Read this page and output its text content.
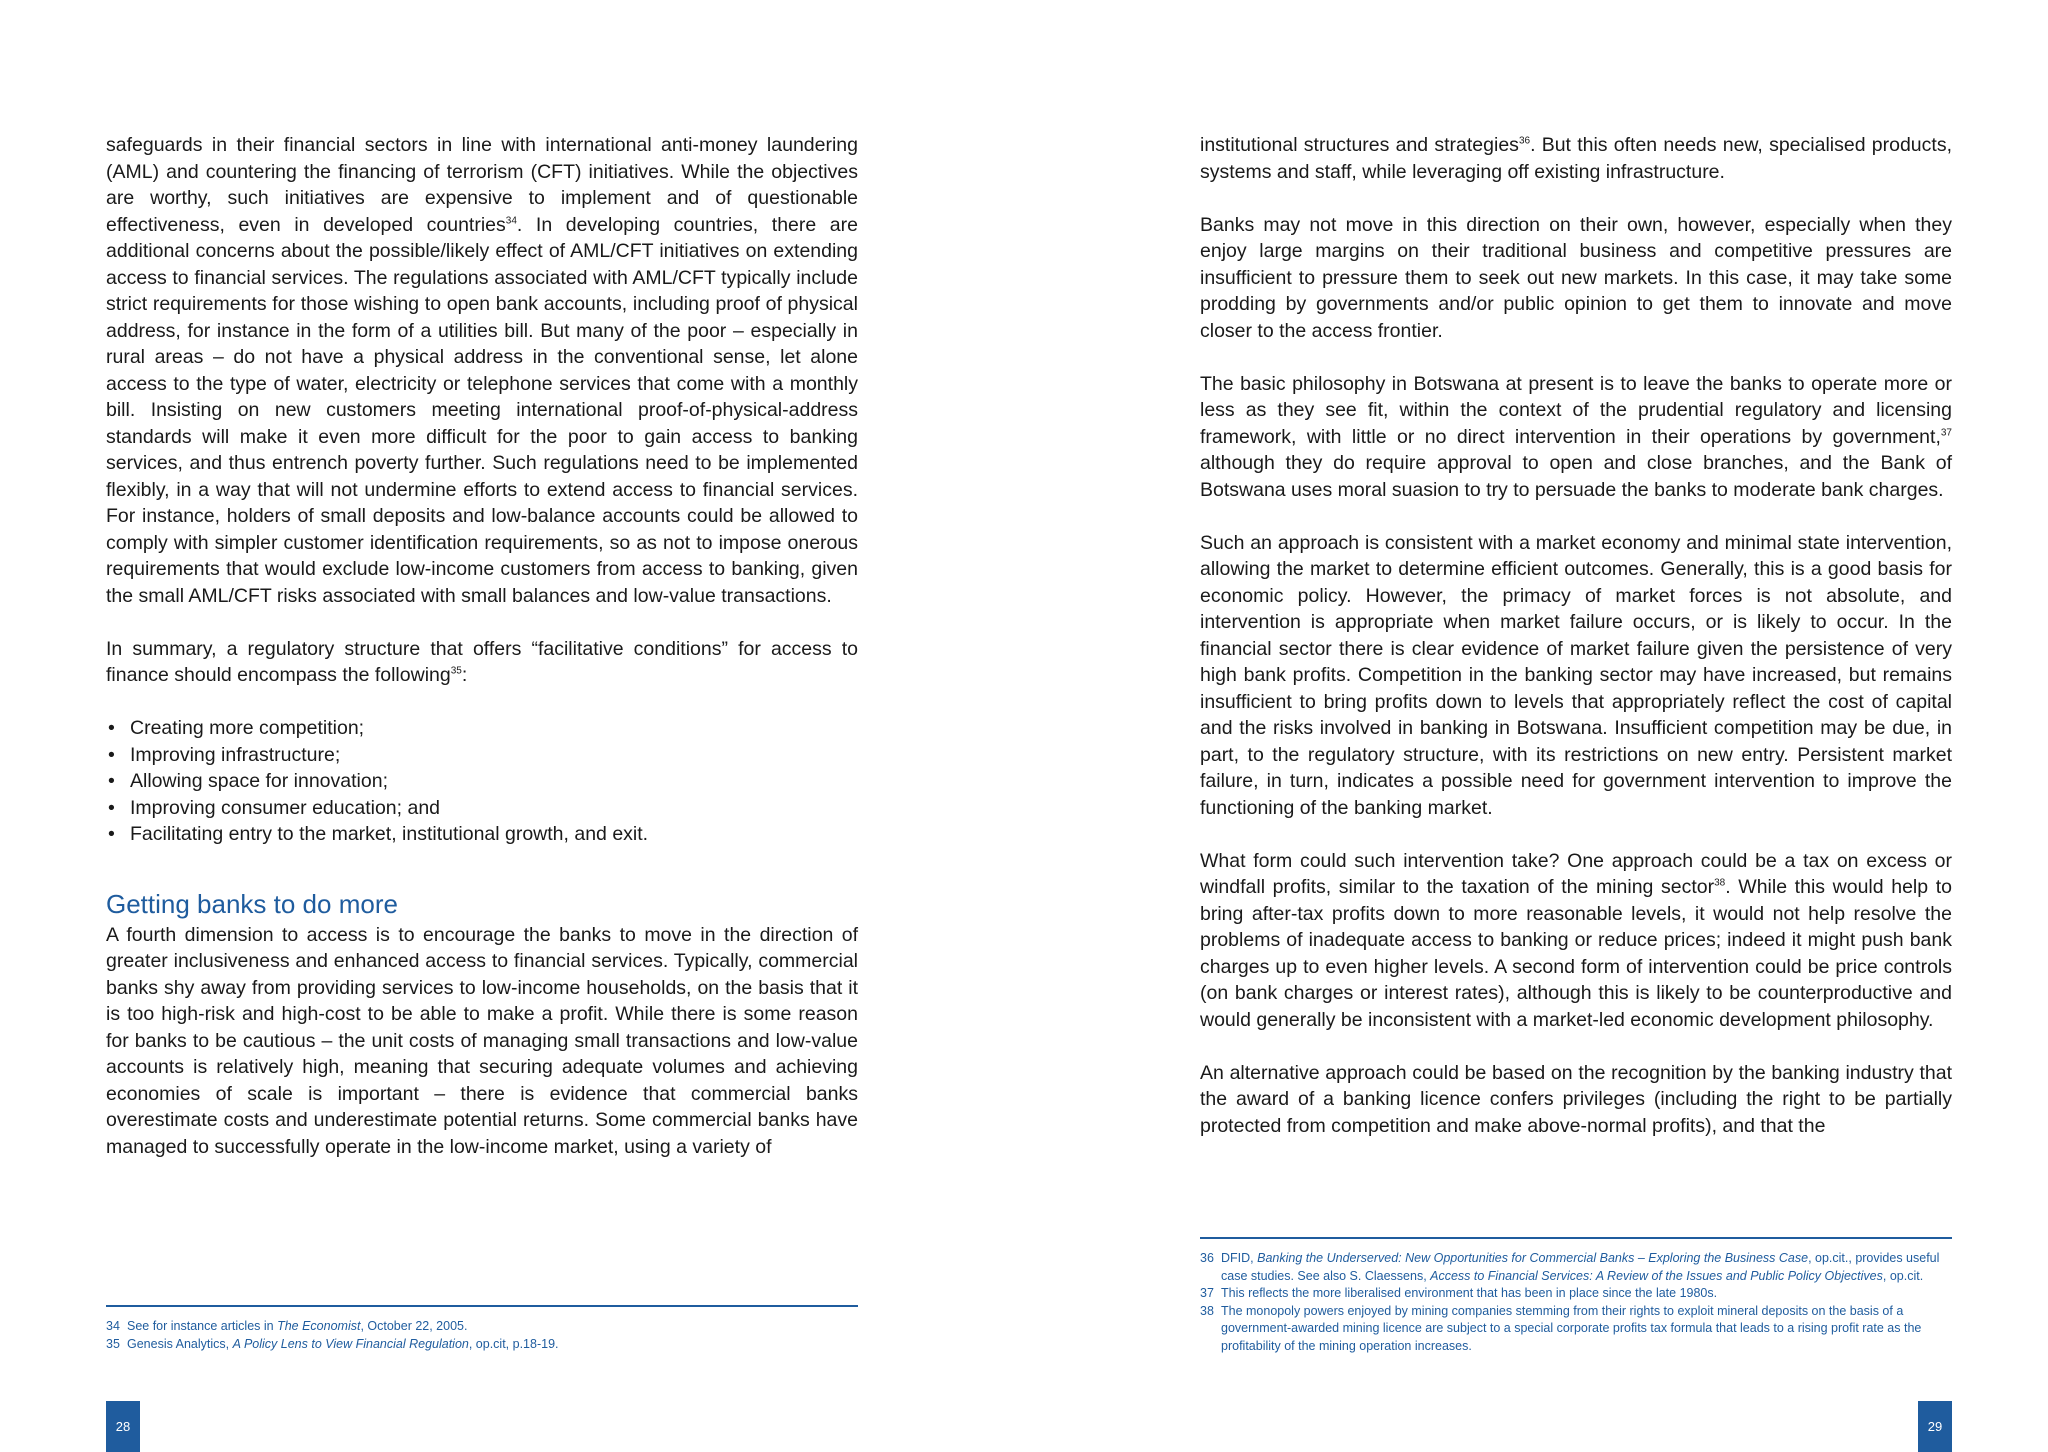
safeguards in their financial sectors in line with international anti-money laundering (AML) and countering the financing of terrorism (CFT) initiatives. While the objectives are worthy, such initiatives are expensive to implement and of questionable effectiveness, even in developed countries$^{34}$. In developing countries, there are additional concerns about the possible/likely effect of AML/CFT initiatives on extending access to financial services. The regulations associated with AML/CFT typically include strict requirements for those wishing to open bank accounts, including proof of physical address, for instance in the form of a utilities bill. But many of the poor – especially in rural areas – do not have a physical address in the conventional sense, let alone access to the type of water, electricity or telephone services that come with a monthly bill. Insisting on new customers meeting international proof-of-physical-address standards will make it even more difficult for the poor to gain access to banking services, and thus entrench poverty further. Such regulations need to be implemented flexibly, in a way that will not undermine efforts to extend access to financial services. For instance, holders of small deposits and low-balance accounts could be allowed to comply with simpler customer identification requirements, so as not to impose onerous requirements that would exclude low-income customers from access to banking, given the small AML/CFT risks associated with small balances and low-value transactions.

In summary, a regulatory structure that offers “facilitative conditions” for access to finance should encompass the following$^{35}$:

• Creating more competition;
• Improving infrastructure;
• Allowing space for innovation;
• Improving consumer education; and
• Facilitating entry to the market, institutional growth, and exit.
Getting banks to do more

A fourth dimension to access is to encourage the banks to move in the direction of greater inclusiveness and enhanced access to financial services. Typically, commercial banks shy away from providing services to low-income households, on the basis that it is too high-risk and high-cost to be able to make a profit. While there is some reason for banks to be cautious – the unit costs of managing small transactions and low-value accounts is relatively high, meaning that securing adequate volumes and achieving economies of scale is important – there is evidence that commercial banks overestimate costs and underestimate potential returns. Some commercial banks have managed to successfully operate in the low-income market, using a variety of

34 See for instance articles in The Economist, October 22, 2005.
35 Genesis Analytics, A Policy Lens to View Financial Regulation, op.cit, p.18-19.
28

institutional structures and strategies$^{36}$. But this often needs new, specialised products, systems and staff, while leveraging off existing infrastructure.

Banks may not move in this direction on their own, however, especially when they enjoy large margins on their traditional business and competitive pressures are insufficient to pressure them to seek out new markets. In this case, it may take some prodding by governments and/or public opinion to get them to innovate and move closer to the access frontier.

The basic philosophy in Botswana at present is to leave the banks to operate more or less as they see fit, within the context of the prudential regulatory and licensing framework, with little or no direct intervention in their operations by government,$^{37}$ although they do require approval to open and close branches, and the Bank of Botswana uses moral suasion to try to persuade the banks to moderate bank charges.

Such an approach is consistent with a market economy and minimal state intervention, allowing the market to determine efficient outcomes. Generally, this is a good basis for economic policy. However, the primacy of market forces is not absolute, and intervention is appropriate when market failure occurs, or is likely to occur. In the financial sector there is clear evidence of market failure given the persistence of very high bank profits. Competition in the banking sector may have increased, but remains insufficient to bring profits down to levels that appropriately reflect the cost of capital and the risks involved in banking in Botswana. Insufficient competition may be due, in part, to the regulatory structure, with its restrictions on new entry. Persistent market failure, in turn, indicates a possible need for government intervention to improve the functioning of the banking market.

What form could such intervention take? One approach could be a tax on excess or windfall profits, similar to the taxation of the mining sector$^{38}$. While this would help to bring after-tax profits down to more reasonable levels, it would not help resolve the problems of inadequate access to banking or reduce prices; indeed it might push bank charges up to even higher levels. A second form of intervention could be price controls (on bank charges or interest rates), although this is likely to be counterproductive and would generally be inconsistent with a market-led economic development philosophy.

An alternative approach could be based on the recognition by the banking industry that the award of a banking licence confers privileges (including the right to be partially protected from competition and make above-normal profits), and that the

36 DFID, Banking the Underserved: New Opportunities for Commercial Banks – Exploring the Business Case, op.cit., provides useful case studies. See also S. Claessens, Access to Financial Services: A Review of the Issues and Public Policy Objectives, op.cit.
37 This reflects the more liberalised environment that has been in place since the late 1980s.
38 The monopoly powers enjoyed by mining companies stemming from their rights to exploit mineral deposits on the basis of a government-awarded mining licence are subject to a special corporate profits tax formula that leads to a rising profit rate as the profitability of the mining operation increases.
29
